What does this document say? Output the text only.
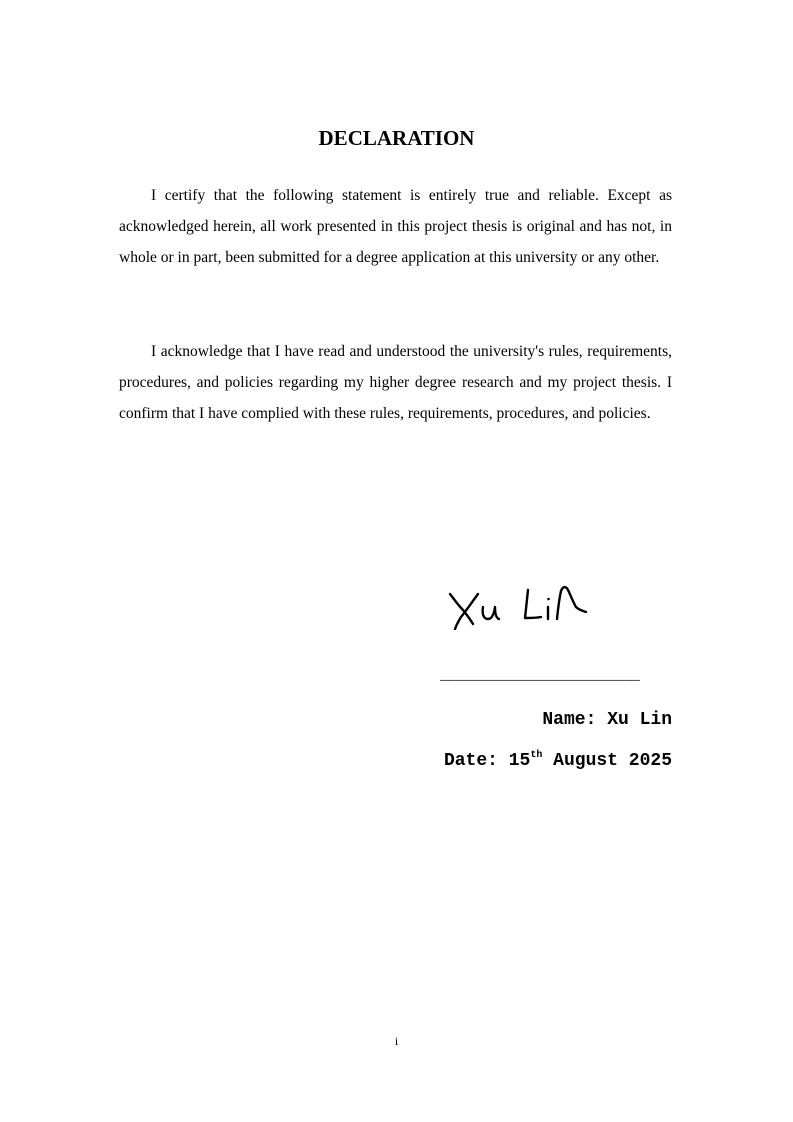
DECLARATION

I certify that the following statement is entirely true and reliable. Except as acknowledged herein, all work presented in this project thesis is original and has not, in whole or in part, been submitted for a degree application at this university or any other.

I acknowledge that I have read and understood the university's rules, requirements, procedures, and policies regarding my higher degree research and my project thesis. I confirm that I have complied with these rules, requirements, procedures, and policies.

________________________
Name: Xu Lin
Date: 15th August 2025
i
